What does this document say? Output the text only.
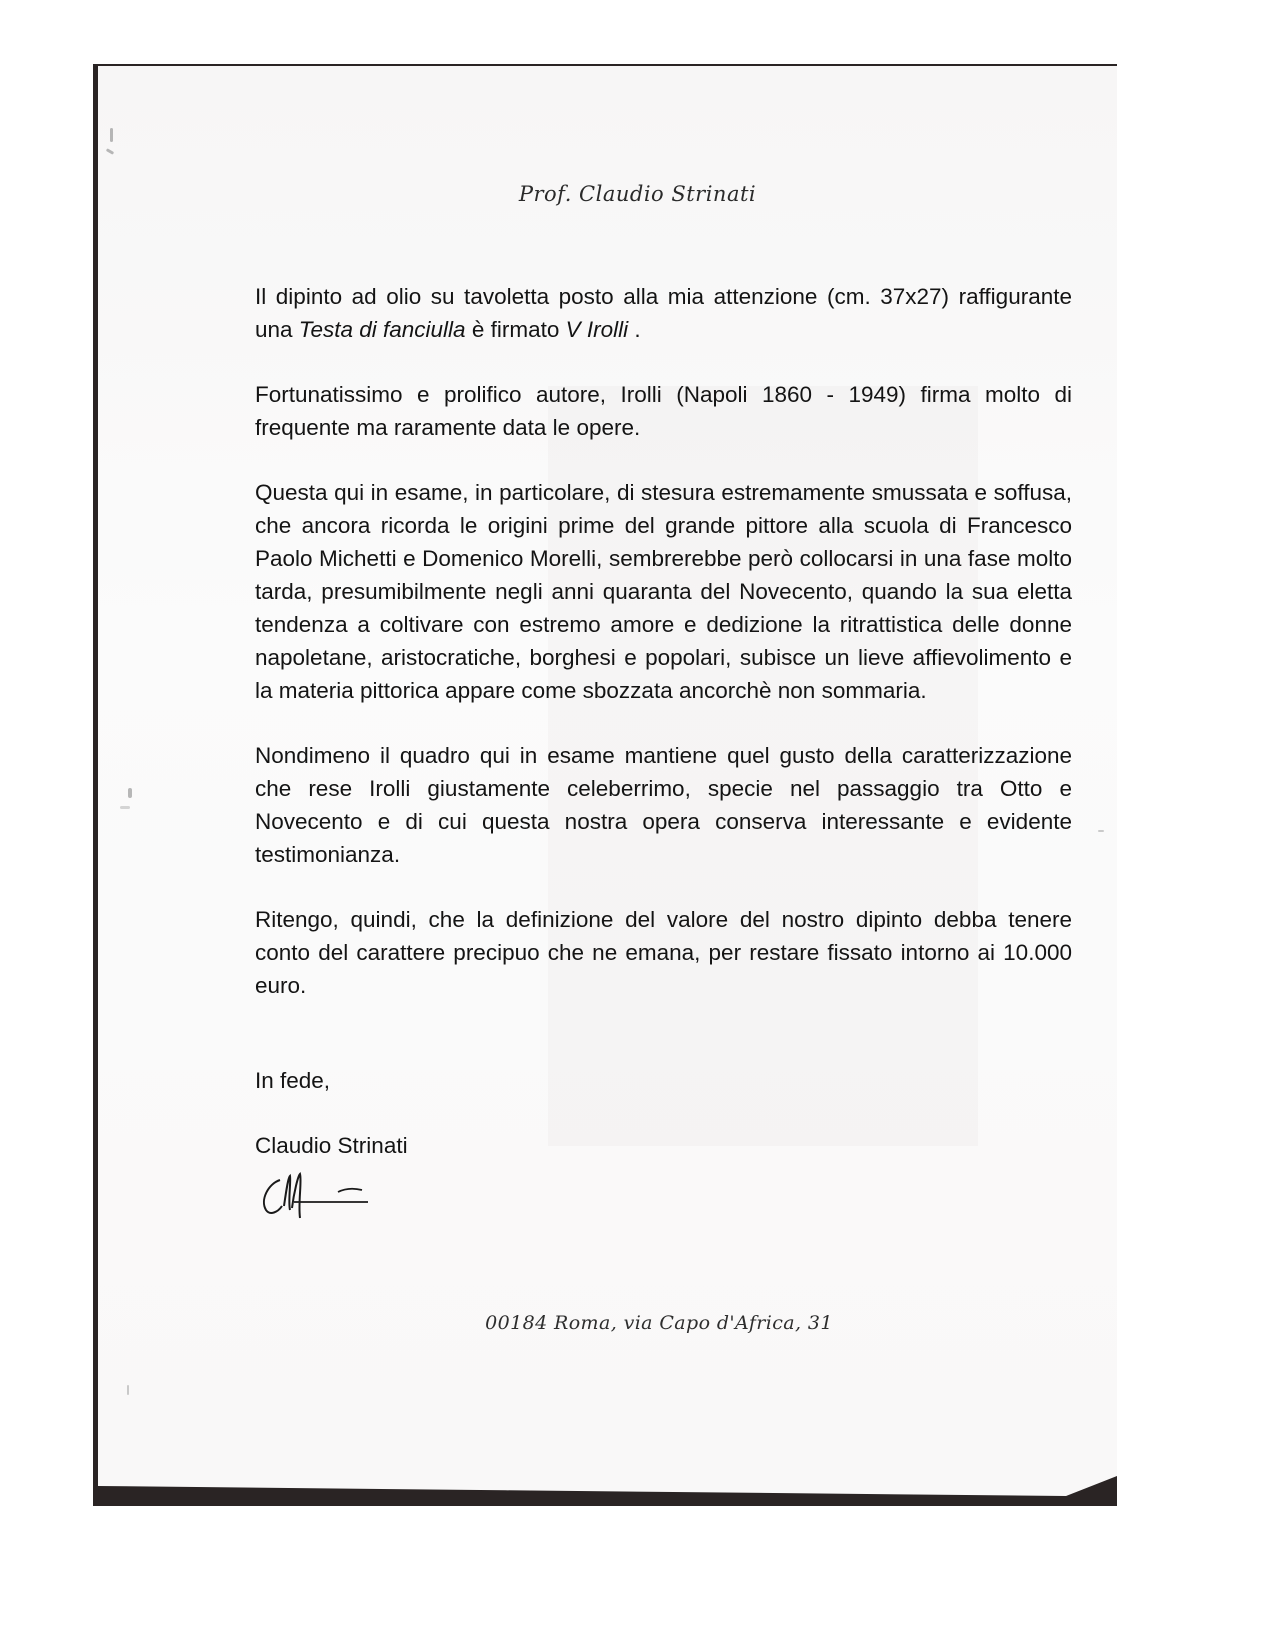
Prof. Claudio Strinati

Il dipinto ad olio su tavoletta posto alla mia attenzione (cm. 37x27) raffigurante una Testa di fanciulla è firmato V Irolli .

Fortunatissimo e prolifico autore, Irolli (Napoli 1860 - 1949) firma molto di frequente ma raramente data le opere.

Questa qui in esame, in particolare, di stesura estremamente smussata e soffusa, che ancora ricorda le origini prime del grande pittore alla scuola di Francesco Paolo Michetti e Domenico Morelli, sembrerebbe però collocarsi in una fase molto tarda, presumibilmente negli anni quaranta del Novecento, quando la sua eletta tendenza a coltivare con estremo amore e dedizione la ritrattistica delle donne napoletane, aristocratiche, borghesi e popolari, subisce un lieve affievolimento e la materia pittorica appare come sbozzata ancorchè non sommaria.

Nondimeno il quadro qui in esame mantiene quel gusto della caratterizzazione che rese Irolli giustamente celeberrimo, specie nel passaggio tra Otto e Novecento e di cui questa nostra opera conserva interessante e evidente testimonianza.

Ritengo, quindi, che la definizione del valore del nostro dipinto debba tenere conto del carattere precipuo che ne emana, per restare fissato intorno ai 10.000 euro.

In fede,

Claudio Strinati

00184 Roma, via Capo d'Africa, 31
